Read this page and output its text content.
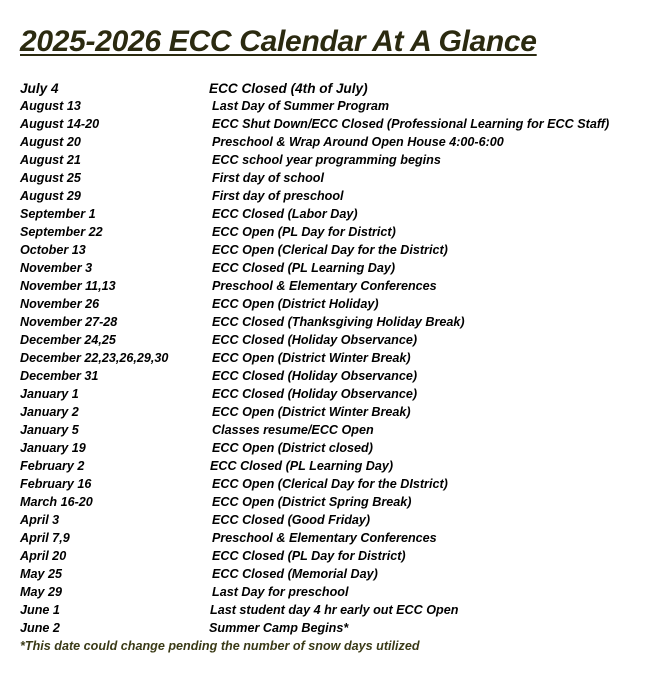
2025-2026 ECC Calendar At A Glance
July 4	ECC Closed (4th of July)
August 13	Last Day of Summer Program
August 14-20	ECC Shut Down/ECC Closed (Professional Learning for ECC Staff)
August 20	Preschool & Wrap Around Open House 4:00-6:00
August 21	ECC school year programming begins
August 25	First day of school
August 29	First day of preschool
September 1	ECC Closed (Labor Day)
September 22	ECC Open (PL Day for District)
October 13	ECC Open (Clerical Day for the District)
November 3	ECC Closed (PL Learning Day)
November 11,13	Preschool & Elementary Conferences
November 26	ECC Open (District Holiday)
November 27-28	ECC Closed (Thanksgiving Holiday Break)
December 24,25	ECC Closed (Holiday Observance)
December 22,23,26,29,30	ECC Open (District Winter Break)
December 31	ECC Closed (Holiday Observance)
January 1	ECC Closed (Holiday Observance)
January 2	ECC Open (District Winter Break)
January 5	Classes resume/ECC Open
January 19	ECC Open (District closed)
February 2	ECC Closed (PL Learning Day)
February 16	ECC Open (Clerical Day for the DIstrict)
March 16-20	ECC Open (District Spring Break)
April 3	ECC Closed (Good Friday)
April 7,9	Preschool & Elementary Conferences
April 20	ECC Closed (PL Day for District)
May 25	ECC Closed (Memorial Day)
May 29	Last Day for preschool
June 1	Last student day 4 hr early out ECC Open
June 2	Summer Camp Begins*
*This date could change pending the number of snow days utilized
